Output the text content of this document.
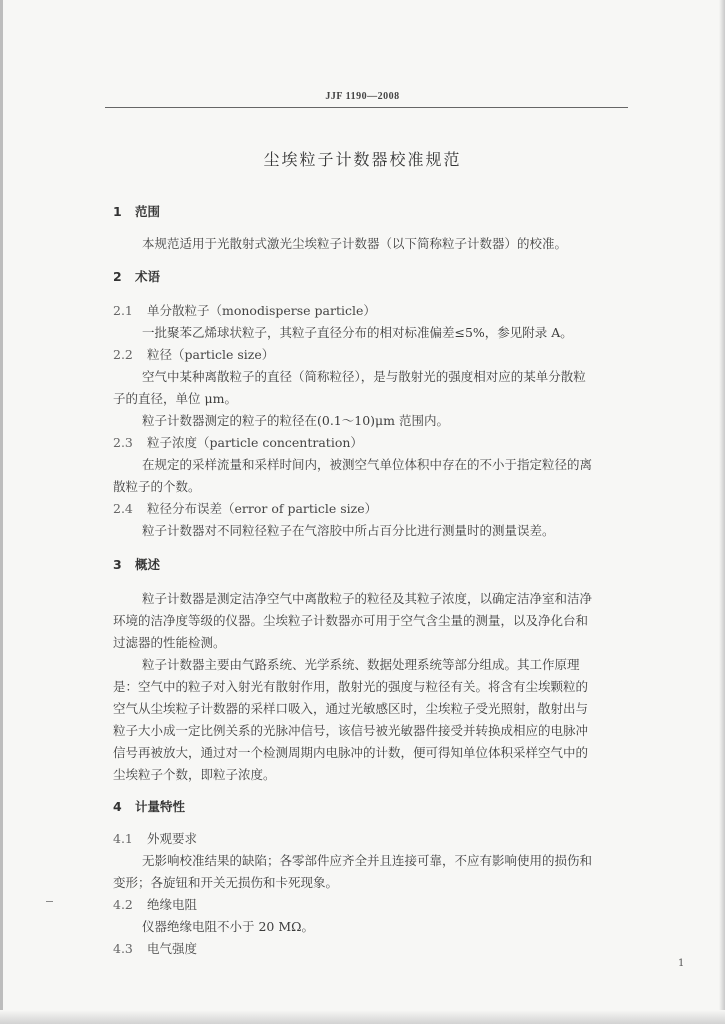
JJF 1190—2008
尘埃粒子计数器校准规范
1 范围
本规范适用于光散射式激光尘埃粒子计数器（以下简称粒子计数器）的校准。
2 术语
2.1 单分散粒子（monodisperse particle）
一批聚苯乙烯球状粒子，其粒子直径分布的相对标准偏差≤5%，参见附录 A。
2.2 粒径（particle size）
空气中某种离散粒子的直径（简称粒径），是与散射光的强度相对应的某单分散粒
子的直径，单位 μm。
粒子计数器测定的粒子的粒径在(0.1～10)μm 范围内。
2.3 粒子浓度（particle concentration）
在规定的采样流量和采样时间内，被测空气单位体积中存在的不小于指定粒径的离
散粒子的个数。
2.4 粒径分布误差（error of particle size）
粒子计数器对不同粒径粒子在气溶胶中所占百分比进行测量时的测量误差。
3 概述
粒子计数器是测定洁净空气中离散粒子的粒径及其粒子浓度，以确定洁净室和洁净
环境的洁净度等级的仪器。尘埃粒子计数器亦可用于空气含尘量的测量，以及净化台和
过滤器的性能检测。
粒子计数器主要由气路系统、光学系统、数据处理系统等部分组成。其工作原理
是：空气中的粒子对入射光有散射作用，散射光的强度与粒径有关。将含有尘埃颗粒的
空气从尘埃粒子计数器的采样口吸入，通过光敏感区时，尘埃粒子受光照射，散射出与
粒子大小成一定比例关系的光脉冲信号，该信号被光敏器件接受并转换成相应的电脉冲
信号再被放大，通过对一个检测周期内电脉冲的计数，便可得知单位体积采样空气中的
尘埃粒子个数，即粒子浓度。
4 计量特性
4.1 外观要求
无影响校准结果的缺陷；各零部件应齐全并且连接可靠，不应有影响使用的损伤和
变形；各旋钮和开关无损伤和卡死现象。
4.2 绝缘电阻
仪器绝缘电阻不小于 20 MΩ。
4.3 电气强度
1
